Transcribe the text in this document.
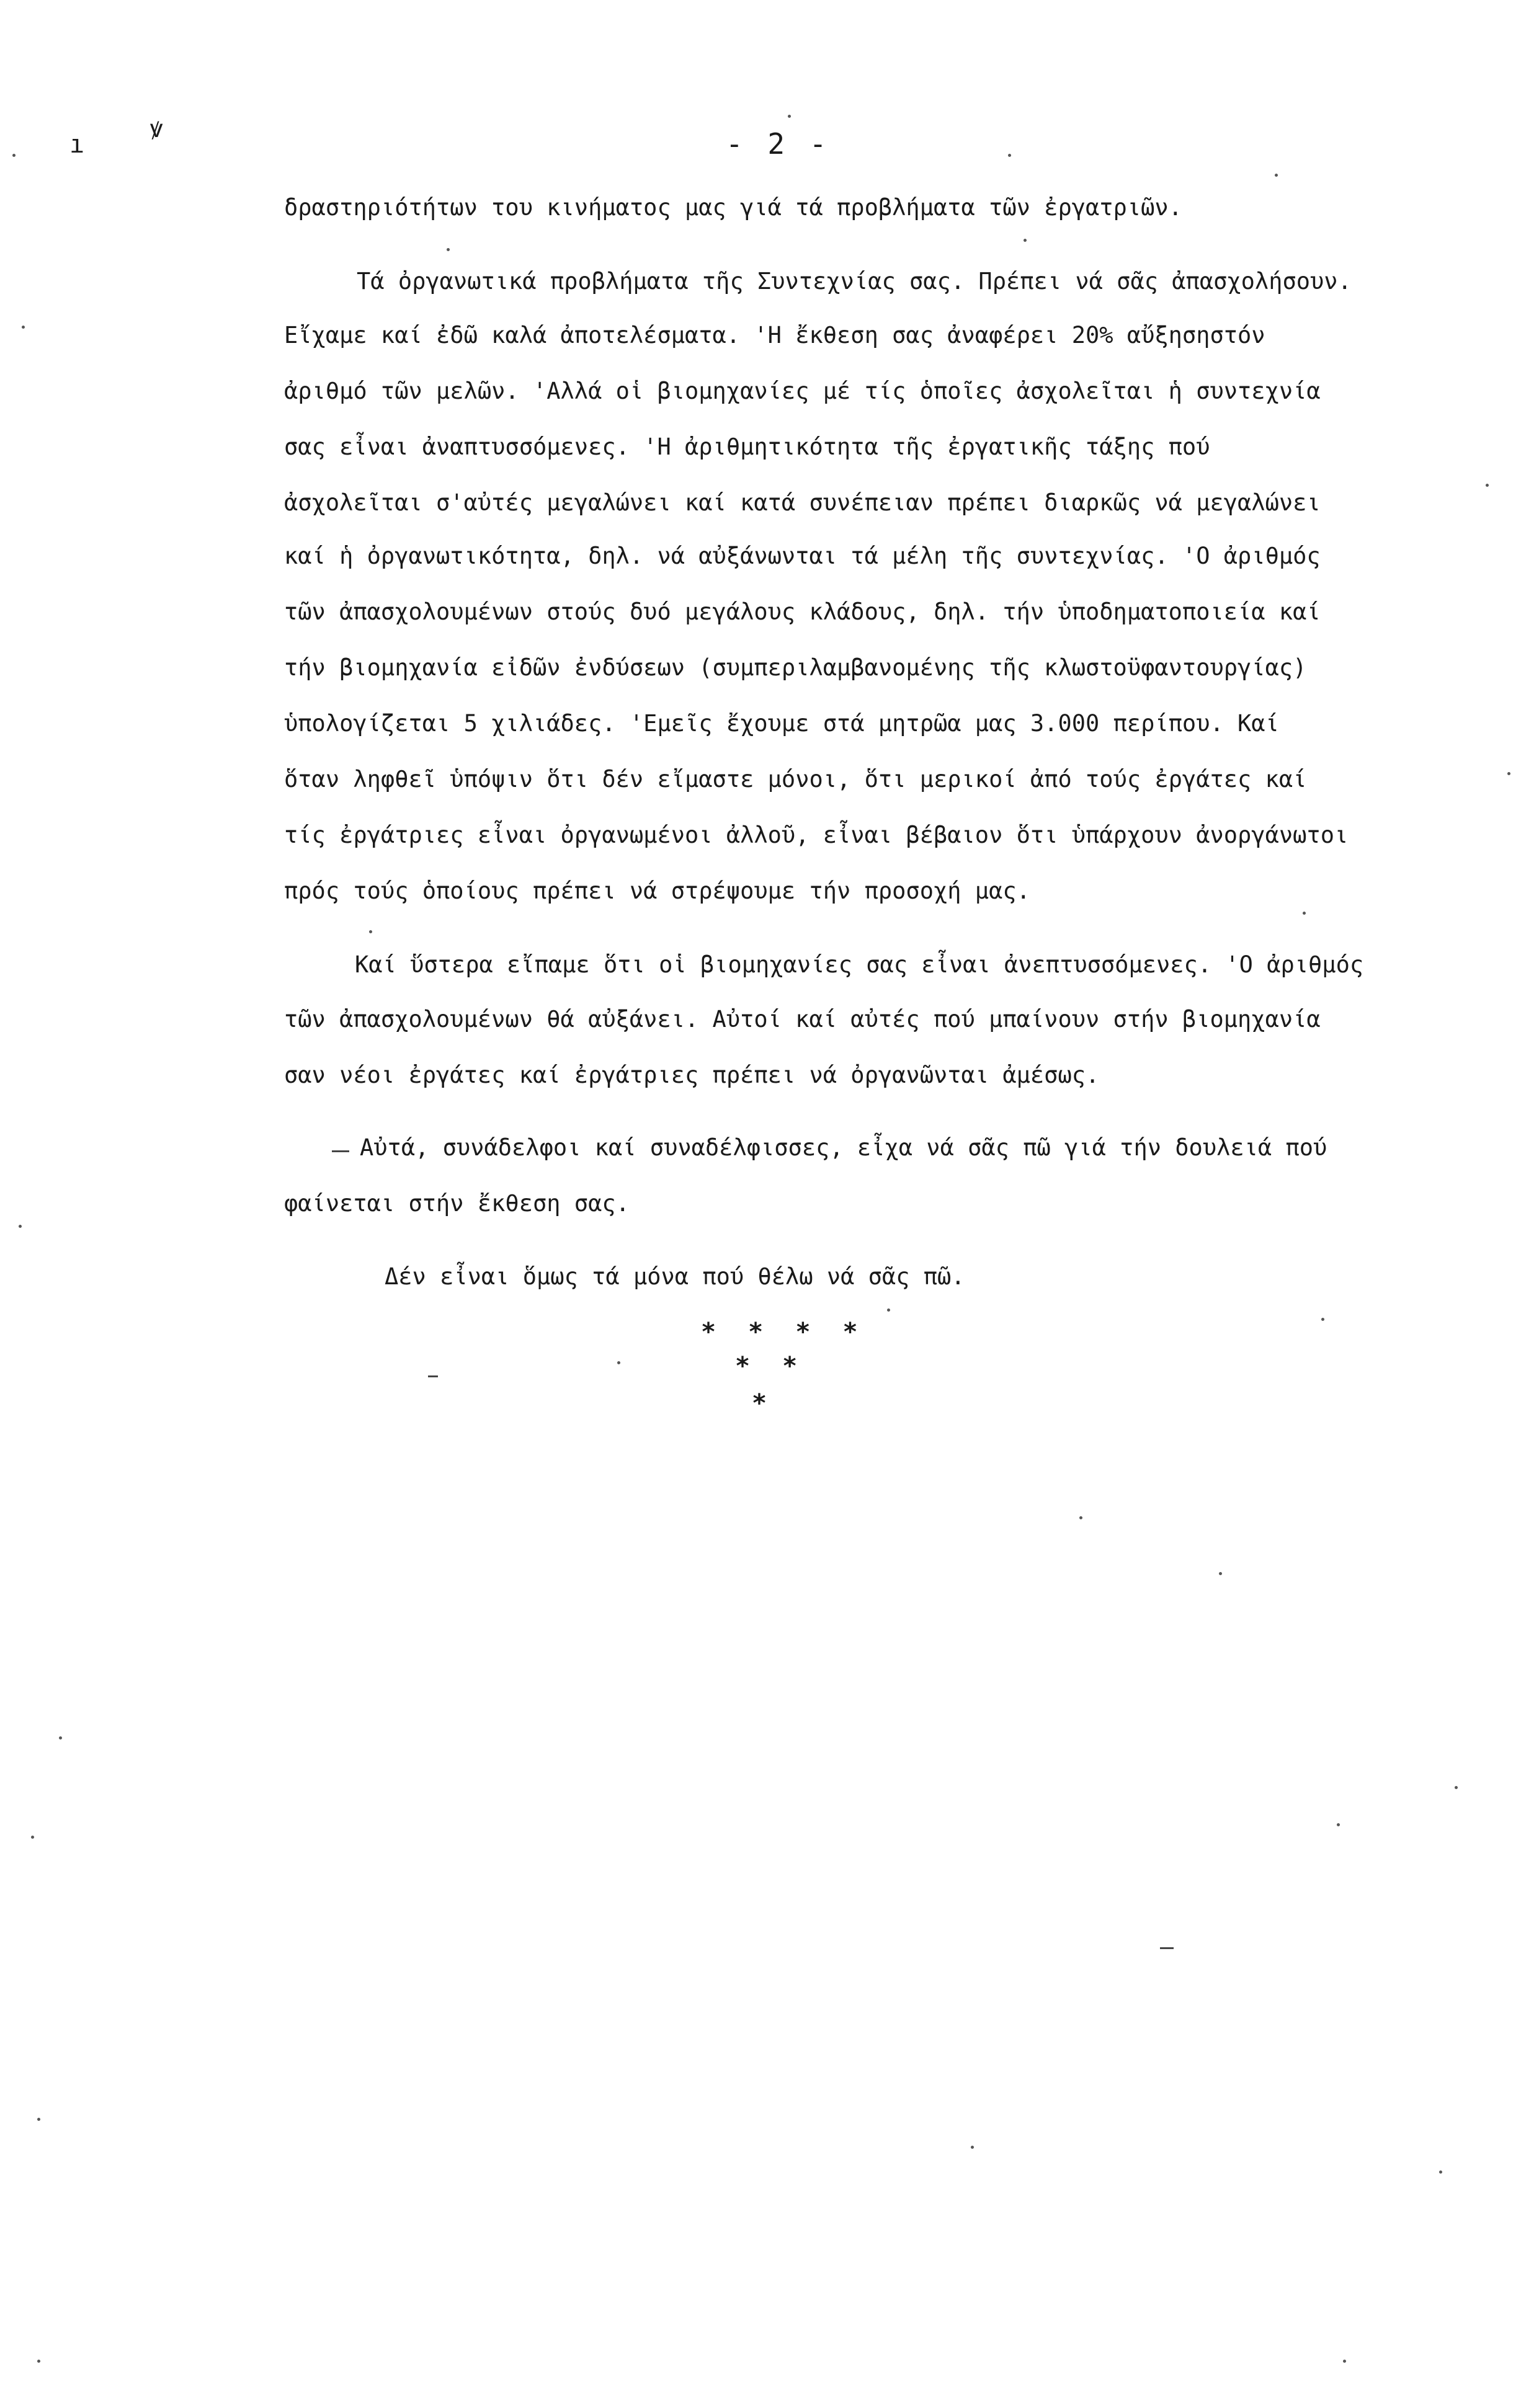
ı
ꝟ	- 2 -
δραστηριότήτων του κινήματος μας γιά τά προβλήματα τῶν ἐργατριῶν.
Τά ὀργανωτικά προβλήματα τῆς Συντεχνίας σας. Πρέπει νά σᾶς ἀπασχολήσουν.
Εἴχαμε καί ἐδῶ καλά ἀποτελέσματα. 'Η ἔκθεση σας ἀναφέρει 20% αὔξησηστόν
ἀριθμό τῶν μελῶν. 'Αλλά οἱ βιομηχανίες μέ τίς ὁποῖες ἀσχολεῖται ἡ συντεχνία
σας εἶναι ἀναπτυσσόμενες. 'Η ἀριθμητικότητα τῆς ἐργατικῆς τάξης πού
ἀσχολεῖται σ'αὐτές μεγαλώνει καί κατά συνέπειαν πρέπει διαρκῶς νά μεγαλώνει
καί ἡ ὀργανωτικότητα, δηλ. νά αὐξάνωνται τά μέλη τῆς συντεχνίας. 'Ο ἀριθμός
τῶν ἀπασχολουμένων στούς δυό μεγάλους κλάδους, δηλ. τήν ὑποδηματοποιεία καί
τήν βιομηχανία εἰδῶν ἐνδύσεων (συμπεριλαμβανομένης τῆς κλωστοϋφαντουργίας)
ὑπολογίζεται 5 χιλιάδες. 'Εμεῖς ἔχουμε στά μητρῶα μας 3.000 περίπου. Καί
ὅταν ληφθεῖ ὑπόψιν ὅτι δέν εἴμαστε μόνοι, ὅτι μερικοί ἀπό τούς ἐργάτες καί
τίς ἐργάτριες εἶναι ὀργανωμένοι ἀλλοῦ, εἶναι βέβαιον ὅτι ὑπάρχουν ἀνοργάνωτοι
πρός τούς ὁποίους πρέπει νά στρέψουμε τήν προσοχή μας.
Καί ὕστερα εἴπαμε ὅτι οἱ βιομηχανίες σας εἶναι ἀνεπτυσσόμενες. 'Ο ἀριθμός
τῶν ἀπασχολουμένων θά αὐξάνει. Αὐτοί καί αὐτές πού μπαίνουν στήν βιομηχανία
σαν νέοι ἐργάτες καί ἐργάτριες πρέπει νά ὀργανῶνται ἀμέσως.
Αὐτά, συνάδελφοι καί συναδέλφισσες, εἶχα νά σᾶς πῶ γιά τήν δουλειά πού
φαίνεται στήν ἔκθεση σας.
Δέν εἶναι ὅμως τά μόνα πού θέλω νά σᾶς πῶ.
* * * *
* *
*
